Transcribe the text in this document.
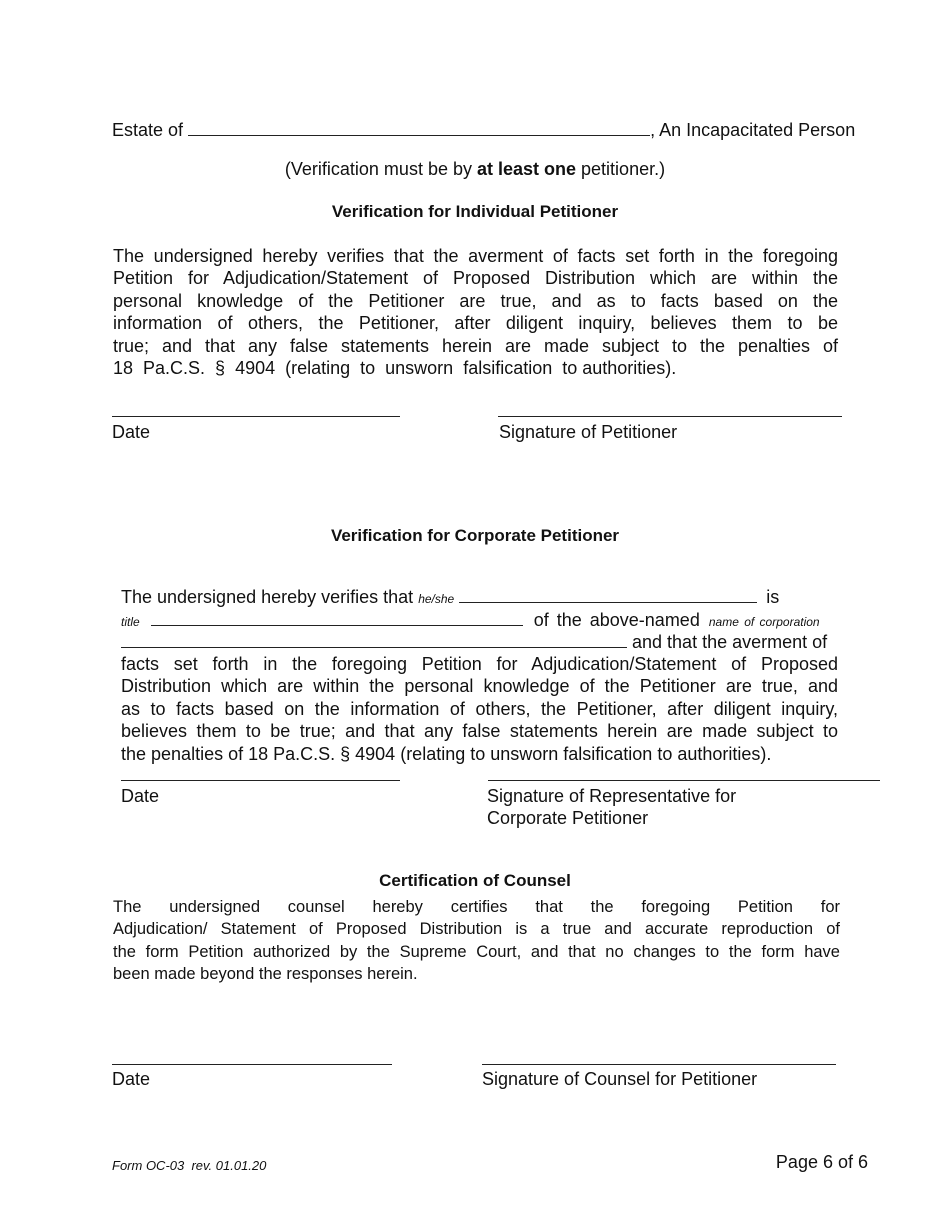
Estate of	, An Incapacitated Person
(Verification must be by at least one petitioner.)
Verification for Individual Petitioner
The undersigned hereby verifies that the averment of facts set forth in the foregoing
Petition for Adjudication/Statement of Proposed Distribution which are within the
personal knowledge of the Petitioner are true, and as to facts based on the
information of others, the Petitioner, after diligent inquiry, believes them to be
true; and that any false statements herein are made subject to the penalties of
18  Pa.C.S.  §  4904  (relating  to  unsworn  falsification  to authorities).
Date	Signature of Petitioner
Verification for Corporate Petitioner
The undersigned hereby verifies that he/she	is
title	of the above-named name of corporation
and that the averment of
facts set forth in the foregoing Petition for Adjudication/Statement of Proposed
Distribution which are within the personal knowledge of the Petitioner are true, and
as to facts based on the information of others, the Petitioner, after diligent inquiry,
believes them to be true; and that any false statements herein are made subject to
the penalties of 18 Pa.C.S. § 4904 (relating to unsworn falsification to authorities).
Date	Signature of Representative for
Corporate Petitioner
Certification of Counsel
The undersigned counsel hereby certifies that the foregoing Petition for
Adjudication/ Statement of Proposed Distribution is a true and accurate reproduction of
the form Petition authorized by the Supreme Court, and that no changes to the form have
been made beyond the responses herein.
Date	Signature of Counsel for Petitioner
Form OC-03  rev. 01.01.20	Page 6 of 6
